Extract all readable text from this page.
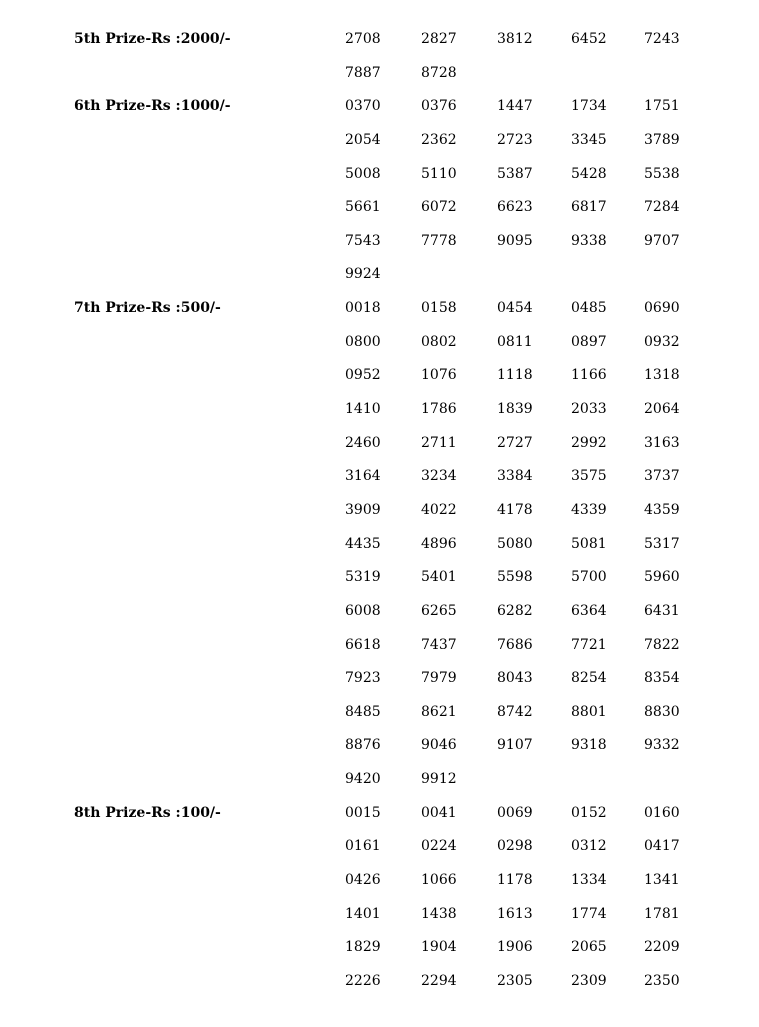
5th Prize-Rs :2000/-	2708	2827	3812	6452	7243
7887	8728
6th Prize-Rs :1000/-	0370	0376	1447	1734	1751
2054	2362	2723	3345	3789
5008	5110	5387	5428	5538
5661	6072	6623	6817	7284
7543	7778	9095	9338	9707
9924
7th Prize-Rs :500/-	0018	0158	0454	0485	0690
0800	0802	0811	0897	0932
0952	1076	1118	1166	1318
1410	1786	1839	2033	2064
2460	2711	2727	2992	3163
3164	3234	3384	3575	3737
3909	4022	4178	4339	4359
4435	4896	5080	5081	5317
5319	5401	5598	5700	5960
6008	6265	6282	6364	6431
6618	7437	7686	7721	7822
7923	7979	8043	8254	8354
8485	8621	8742	8801	8830
8876	9046	9107	9318	9332
9420	9912
8th Prize-Rs :100/-	0015	0041	0069	0152	0160
0161	0224	0298	0312	0417
0426	1066	1178	1334	1341
1401	1438	1613	1774	1781
1829	1904	1906	2065	2209
2226	2294	2305	2309	2350
